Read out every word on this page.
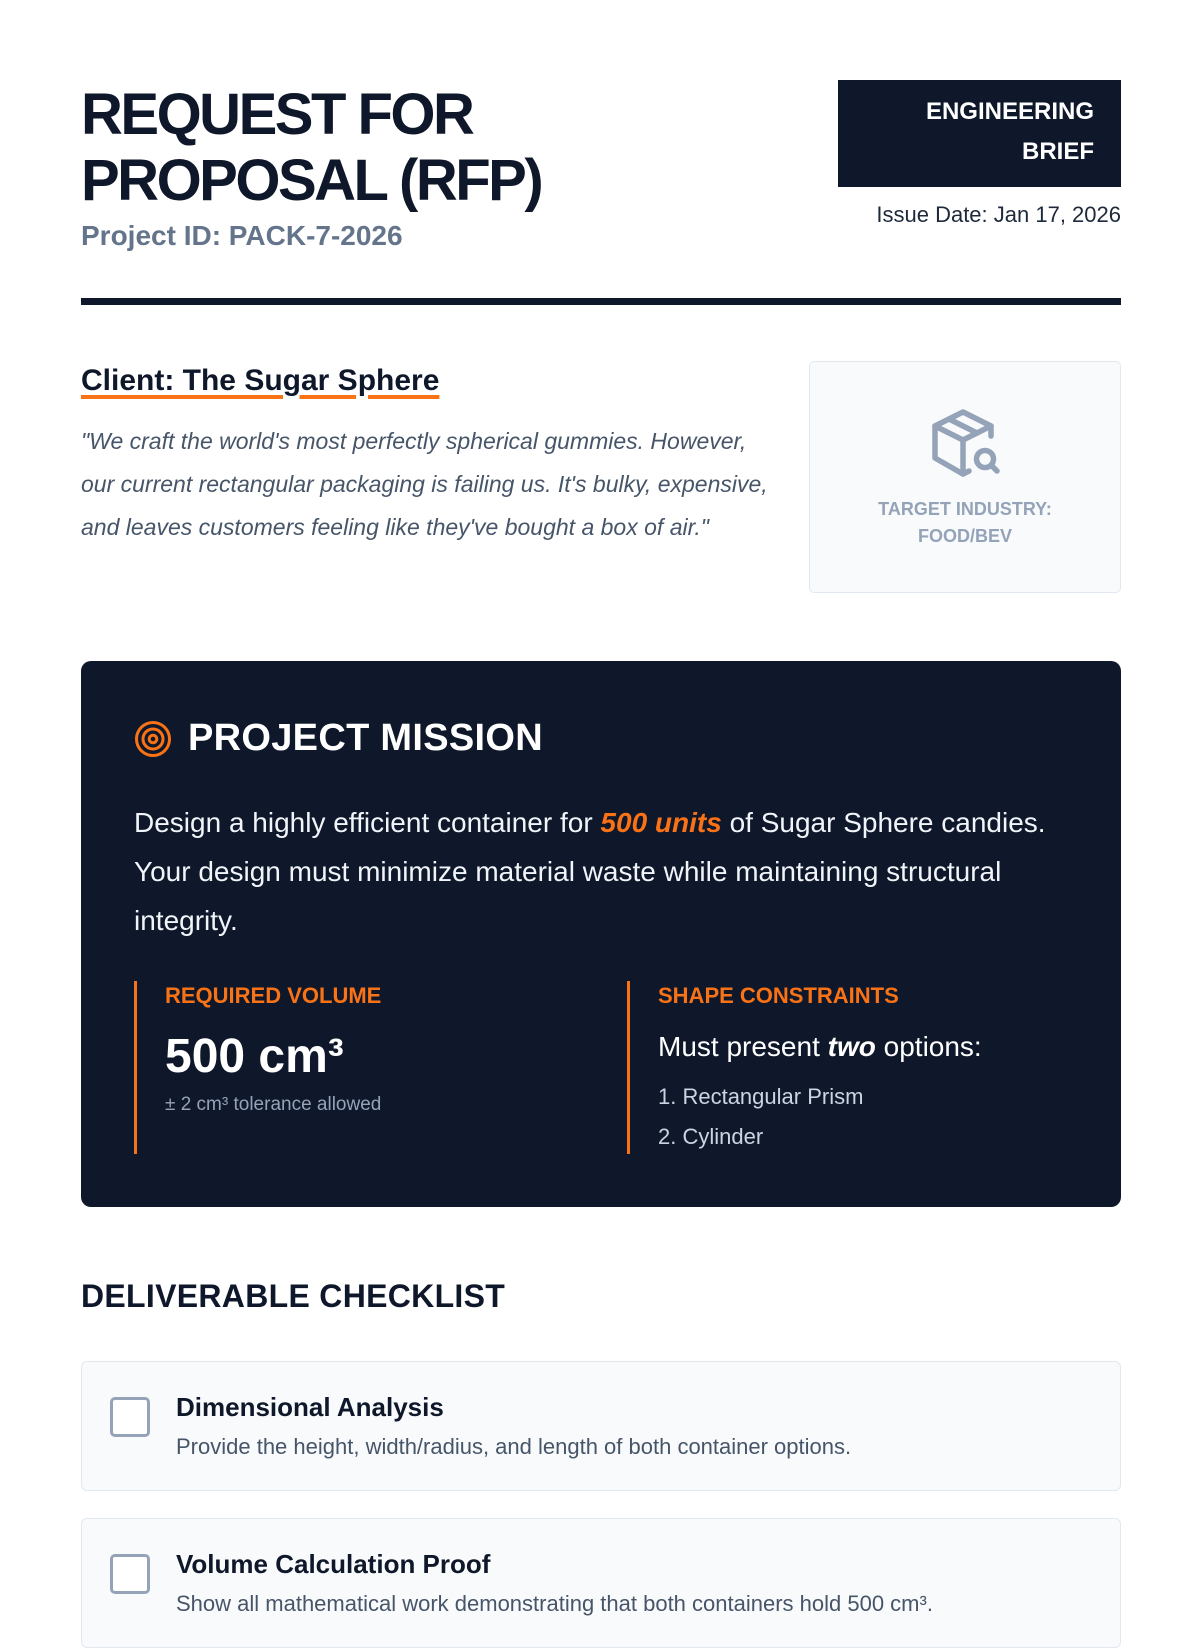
REQUEST FOR PROPOSAL (RFP)
Project ID: PACK-7-2026
ENGINEERING BRIEF
Issue Date: Jan 17, 2026
Client: The Sugar Sphere

"We craft the world's most perfectly spherical gummies. However, our current rectangular packaging is failing us. It's bulky, expensive, and leaves customers feeling like they've bought a box of air."

TARGET INDUSTRY: FOOD/BEV
PROJECT MISSION

Design a highly efficient container for 500 units of Sugar Sphere candies. Your design must minimize material waste while maintaining structural integrity.

REQUIRED VOLUME
500 cm³
± 2 cm³ tolerance allowed
SHAPE CONSTRAINTS
Must present two options:
1. Rectangular Prism
2. Cylinder
DELIVERABLE CHECKLIST
Dimensional Analysis
Provide the height, width/radius, and length of both container options.
Volume Calculation Proof
Show all mathematical work demonstrating that both containers hold 500 cm³.
